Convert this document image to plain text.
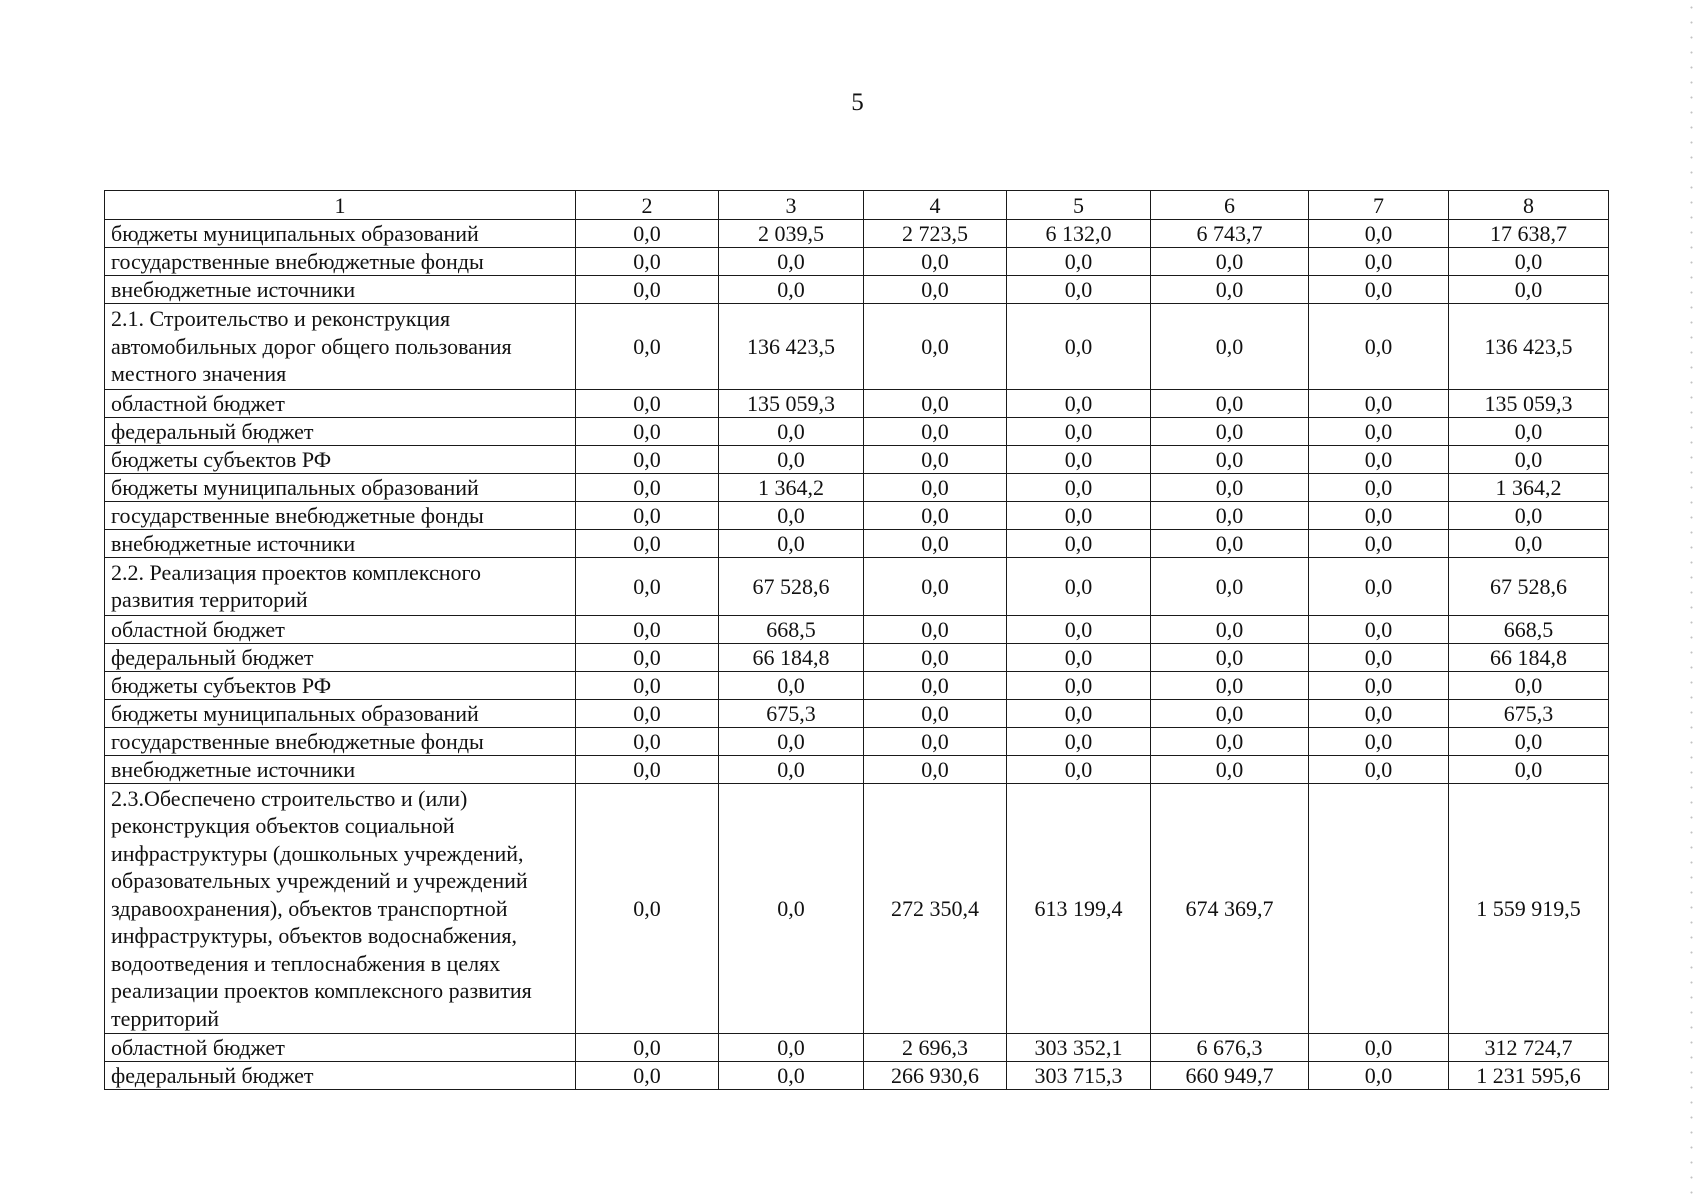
5
1	2	3	4	5	6	7	8
бюджеты муниципальных образований	0,0	2 039,5	2 723,5	6 132,0	6 743,7	0,0	17 638,7
государственные внебюджетные фонды	0,0	0,0	0,0	0,0	0,0	0,0	0,0
внебюджетные источники	0,0	0,0	0,0	0,0	0,0	0,0	0,0
2.1. Строительство и реконструкция автомобильных дорог общего пользования местного значения	0,0	136 423,5	0,0	0,0	0,0	0,0	136 423,5
областной бюджет	0,0	135 059,3	0,0	0,0	0,0	0,0	135 059,3
федеральный бюджет	0,0	0,0	0,0	0,0	0,0	0,0	0,0
бюджеты субъектов РФ	0,0	0,0	0,0	0,0	0,0	0,0	0,0
бюджеты муниципальных образований	0,0	1 364,2	0,0	0,0	0,0	0,0	1 364,2
государственные внебюджетные фонды	0,0	0,0	0,0	0,0	0,0	0,0	0,0
внебюджетные источники	0,0	0,0	0,0	0,0	0,0	0,0	0,0
2.2. Реализация проектов комплексного развития территорий	0,0	67 528,6	0,0	0,0	0,0	0,0	67 528,6
областной бюджет	0,0	668,5	0,0	0,0	0,0	0,0	668,5
федеральный бюджет	0,0	66 184,8	0,0	0,0	0,0	0,0	66 184,8
бюджеты субъектов РФ	0,0	0,0	0,0	0,0	0,0	0,0	0,0
бюджеты муниципальных образований	0,0	675,3	0,0	0,0	0,0	0,0	675,3
государственные внебюджетные фонды	0,0	0,0	0,0	0,0	0,0	0,0	0,0
внебюджетные источники	0,0	0,0	0,0	0,0	0,0	0,0	0,0
2.3.Обеспечено строительство и (или) реконструкция объектов социальной инфраструктуры (дошкольных учреждений, образовательных учреждений и учреждений здравоохранения), объектов транспортной инфраструктуры, объектов водоснабжения, водоотведения и теплоснабжения в целях реализации проектов комплексного развития территорий	0,0	0,0	272 350,4	613 199,4	674 369,7		1 559 919,5
областной бюджет	0,0	0,0	2 696,3	303 352,1	6 676,3	0,0	312 724,7
федеральный бюджет	0,0	0,0	266 930,6	303 715,3	660 949,7	0,0	1 231 595,6
